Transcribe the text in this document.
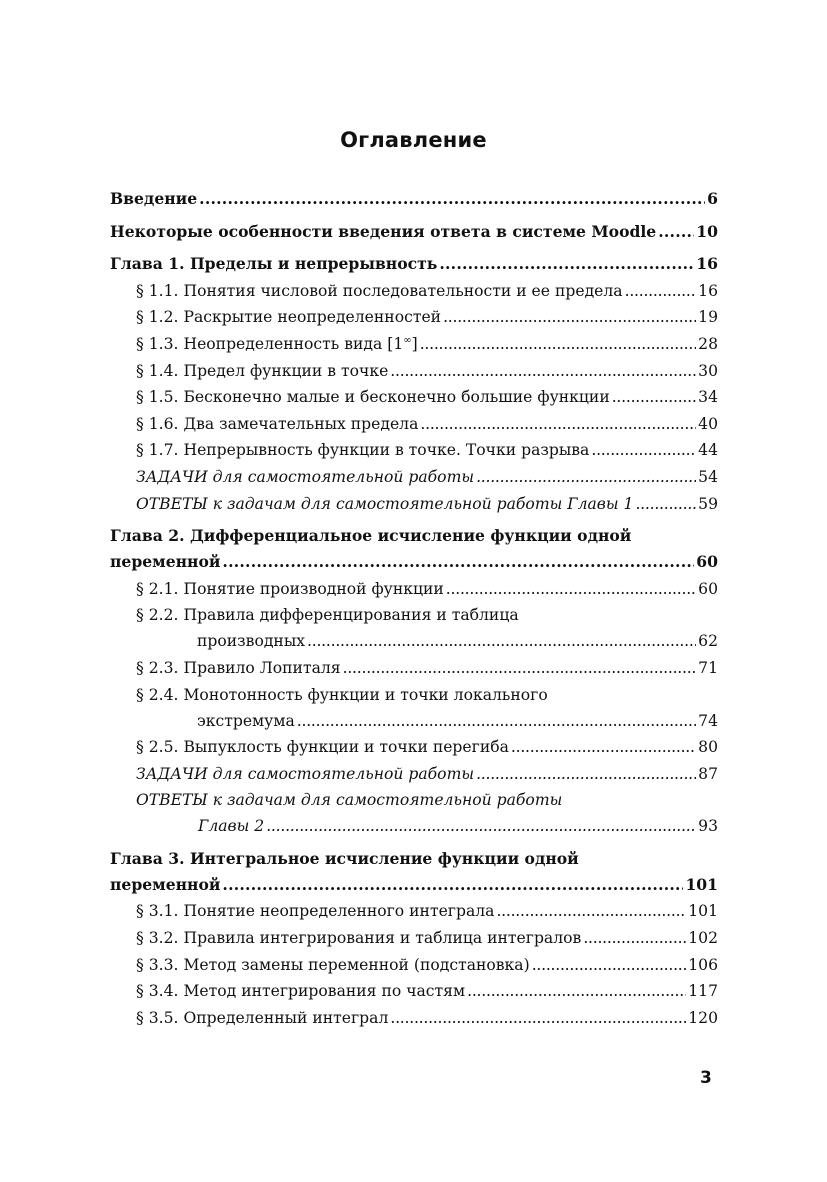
Оглавление
Введение . . .	6
Некоторые особенности введения ответа в системе Moodle . . .	10
Глава 1. Пределы и непрерывность . . .	16
§ 1.1. Понятия числовой последовательности и ее предела . . .	16
§ 1.2. Раскрытие неопределенностей . . .	19
§ 1.3. Неопределенность вида [1∞] . . .	28
§ 1.4. Предел функции в точке . . .	30
§ 1.5. Бесконечно малые и бесконечно большие функции . . .	34
§ 1.6. Два замечательных предела . . .	40
§ 1.7. Непрерывность функции в точке. Точки разрыва . . .	44
ЗАДАЧИ для самостоятельной работы . . .	54
ОТВЕТЫ к задачам для самостоятельной работы Главы 1 . . .	59
Глава 2. Дифференциальное исчисление функции одной
переменной . . .	60
§ 2.1. Понятие производной функции . . .	60
§ 2.2. Правила дифференцирования и таблица
производных . . .	62
§ 2.3. Правило Лопиталя . . .	71
§ 2.4. Монотонность функции и точки локального
экстремума . . .	74
§ 2.5. Выпуклость функции и точки перегиба . . .	80
ЗАДАЧИ для самостоятельной работы . . .	87
ОТВЕТЫ к задачам для самостоятельной работы
Главы 2 . . .	93
Глава 3. Интегральное исчисление функции одной
переменной . . .	101
§ 3.1. Понятие неопределенного интеграла . . .	101
§ 3.2. Правила интегрирования и таблица интегралов . . .	102
§ 3.3. Метод замены переменной (подстановка) . . .	106
§ 3.4. Метод интегрирования по частям . . .	117
§ 3.5. Определенный интеграл . . .	120
3
